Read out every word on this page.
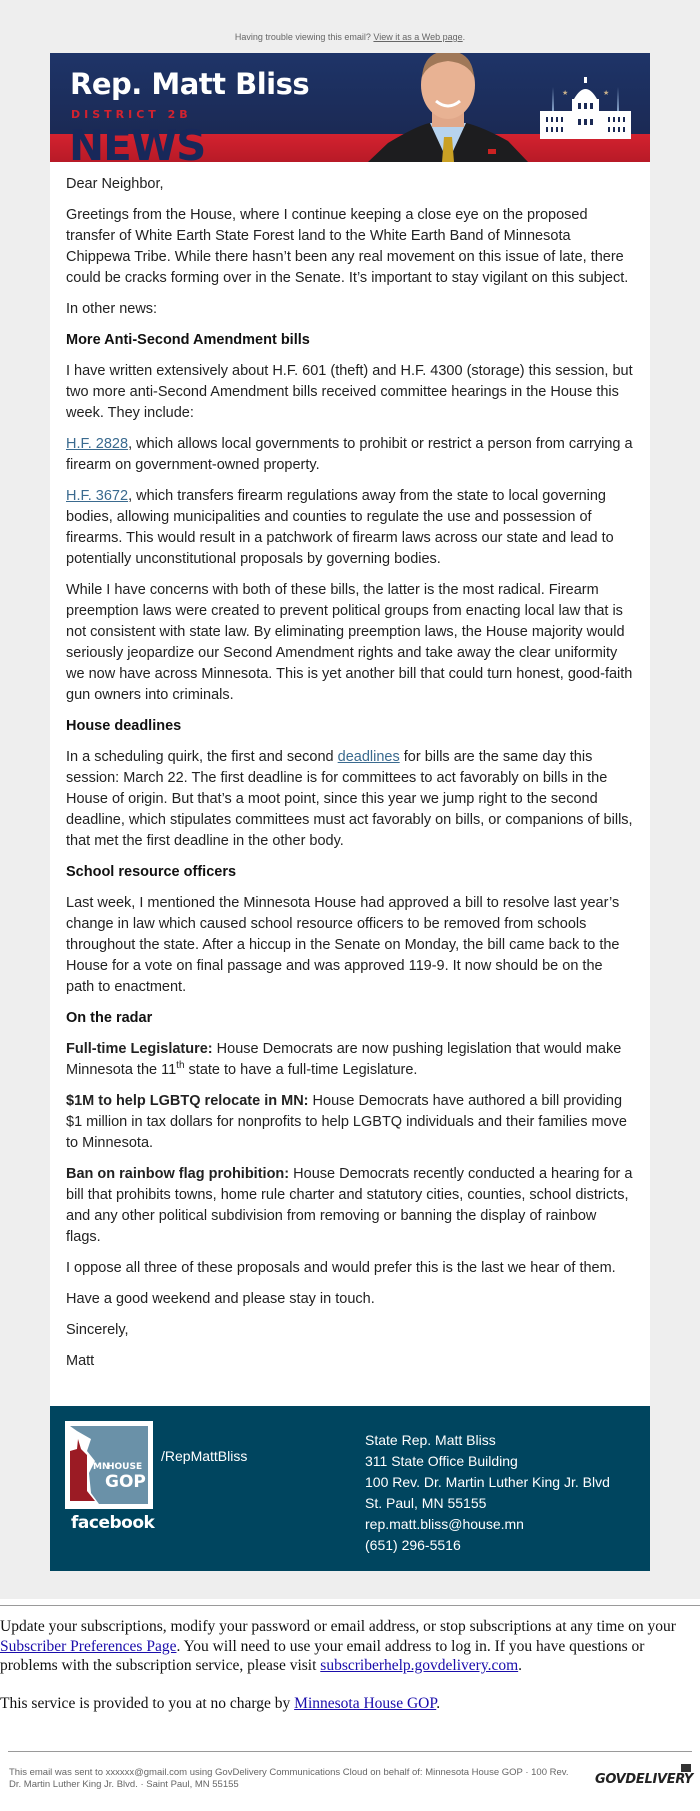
Having trouble viewing this email? View it as a Web page.
Rep. Matt Bliss
DISTRICT 2B
NEWS
★	★

Dear Neighbor,

Greetings from the House, where I continue keeping a close eye on the proposed transfer of White Earth State Forest land to the White Earth Band of Minnesota Chippewa Tribe. While there hasn’t been any real movement on this issue of late, there could be cracks forming over in the Senate. It’s important to stay vigilant on this subject.

In other news:

More Anti-Second Amendment bills

I have written extensively about H.F. 601 (theft) and H.F. 4300 (storage) this session, but two more anti-Second Amendment bills received committee hearings in the House this week. They include:

H.F. 2828, which allows local governments to prohibit or restrict a person from carrying a firearm on government-owned property.

H.F. 3672, which transfers firearm regulations away from the state to local governing bodies, allowing municipalities and counties to regulate the use and possession of firearms. This would result in a patchwork of firearm laws across our state and lead to potentially unconstitutional proposals by governing bodies.

While I have concerns with both of these bills, the latter is the most radical. Firearm preemption laws were created to prevent political groups from enacting local law that is not consistent with state law. By eliminating preemption laws, the House majority would seriously jeopardize our Second Amendment rights and take away the clear uniformity we now have across Minnesota. This is yet another bill that could turn honest, good-faith gun owners into criminals.

House deadlines

In a scheduling quirk, the first and second deadlines for bills are the same day this session: March 22. The first deadline is for committees to act favorably on bills in the House of origin. But that’s a moot point, since this year we jump right to the second deadline, which stipulates committees must act favorably on bills, or companions of bills, that met the first deadline in the other body.

School resource officers

Last week, I mentioned the Minnesota House had approved a bill to resolve last year’s change in law which caused school resource officers to be removed from schools throughout the state. After a hiccup in the Senate on Monday, the bill came back to the House for a vote on final passage and was approved 119-9. It now should be on the path to enactment.

On the radar

Full-time Legislature: House Democrats are now pushing legislation that would make Minnesota the 11th state to have a full-time Legislature.

$1M to help LGBTQ relocate in MN: House Democrats have authored a bill providing $1 million in tax dollars for nonprofits to help LGBTQ individuals and their families move to Minnesota.

Ban on rainbow flag prohibition: House Democrats recently conducted a hearing for a bill that prohibits towns, home rule charter and statutory cities, counties, school districts, and any other political subdivision from removing or banning the display of rainbow flags.

I oppose all three of these proposals and would prefer this is the last we hear of them.

Have a good weekend and please stay in touch.

Sincerely,

Matt

MN
HOUSE
GOP
facebook
/RepMattBliss
State Rep. Matt Bliss
311 State Office Building
100 Rev. Dr. Martin Luther King Jr. Blvd
St. Paul, MN 55155
rep.matt.bliss@house.mn
(651) 296-5516

Update your subscriptions, modify your password or email address, or stop subscriptions at any time on your Subscriber Preferences Page. You will need to use your email address to log in. If you have questions or problems with the subscription service, please visit subscriberhelp.govdelivery.com.

This service is provided to you at no charge by Minnesota House GOP.

This email was sent to xxxxxx@gmail.com using GovDelivery Communications Cloud on behalf of: Minnesota House GOP · 100 Rev. Dr. Martin Luther King Jr. Blvd. · Saint Paul, MN 55155	GOVDELIVERY
